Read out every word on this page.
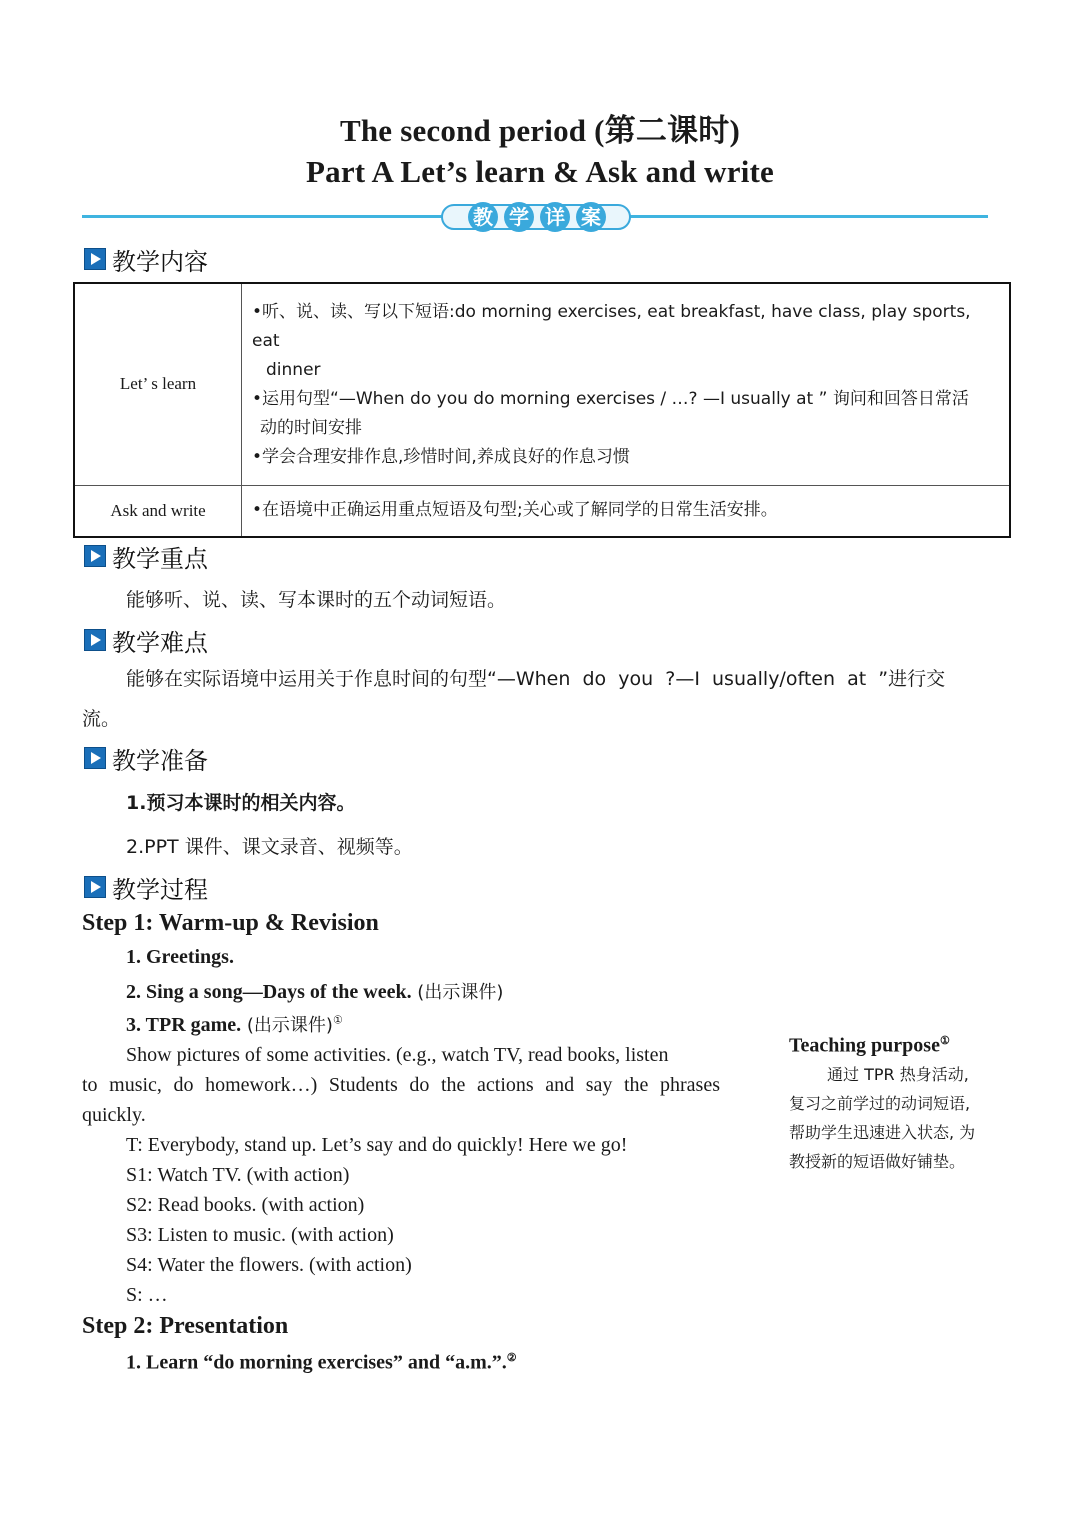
The second period (第二课时)
Part A Let’s learn & Ask and write
教 学 详 案
教学内容
Let’ s learn	•听、说、读、写以下短语:do morning exercises, eat breakfast, have class, play sports, eat
dinner
•运用句型“—When do you do morning exercises / …? —I usually at ” 询问和回答日常活
动的时间安排
•学会合理安排作息,珍惜时间,养成良好的作息习惯

Ask and write	•在语境中正确运用重点短语及句型;关心或了解同学的日常生活安排。
教学重点
能够听、说、读、写本课时的五个动词短语。
教学难点
能够在实际语境中运用关于作息时间的句型“—When  do  you  ?—I  usually/often  at  ”进行交
流。
教学准备
1.预习本课时的相关内容。
2.PPT 课件、课文录音、视频等。
教学过程
Step 1: Warm-up & Revision
1. Greetings.
2. Sing a song—Days of the week. (出示课件)
3. TPR game. (出示课件)①
Show pictures of some activities. (e.g., watch TV, read books, listen
to music, do homework…) Students do the actions and say the phrases
quickly.
T: Everybody, stand up. Let’s say and do quickly! Here we go!
S1: Watch TV. (with action)
S2: Read books. (with action)
S3: Listen to music. (with action)
S4: Water the flowers. (with action)
S: …
Step 2: Presentation
1. Learn “do morning exercises” and “a.m.”.②
Teaching purpose①
通过 TPR 热身活动,
复习之前学过的动词短语,
帮助学生迅速进入状态, 为
教授新的短语做好铺垫。
